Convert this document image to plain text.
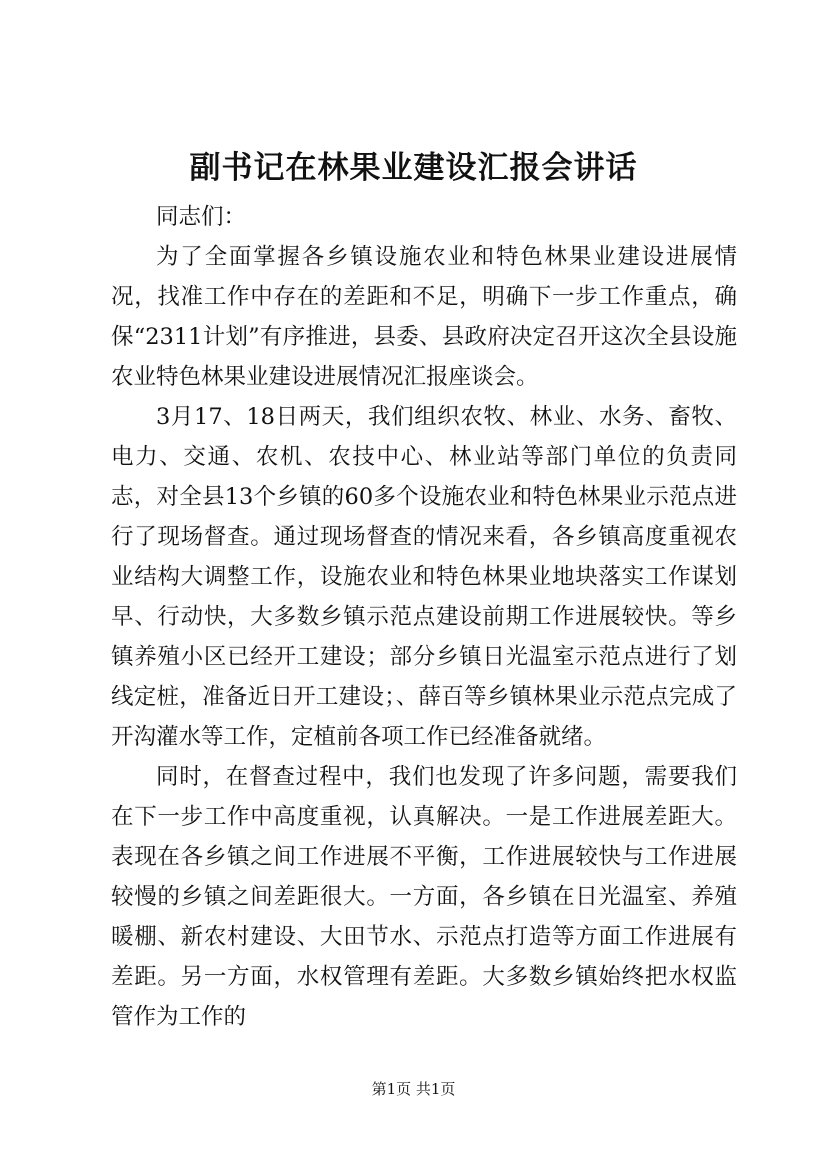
副书记在林果业建设汇报会讲话

同志们：

为了全面掌握各乡镇设施农业和特色林果业建设进展情况，找准工作中存在的差距和不足，明确下一步工作重点，确保“2311计划”有序推进，县委、县政府决定召开这次全县设施农业特色林果业建设进展情况汇报座谈会。

3月17、18日两天，我们组织农牧、林业、水务、畜牧、电力、交通、农机、农技中心、林业站等部门单位的负责同志，对全县13个乡镇的60多个设施农业和特色林果业示范点进行了现场督查。通过现场督查的情况来看，各乡镇高度重视农业结构大调整工作，设施农业和特色林果业地块落实工作谋划早、行动快，大多数乡镇示范点建设前期工作进展较快。等乡镇养殖小区已经开工建设；部分乡镇日光温室示范点进行了划线定桩，准备近日开工建设；、薛百等乡镇林果业示范点完成了开沟灌水等工作，定植前各项工作已经准备就绪。

同时，在督查过程中，我们也发现了许多问题，需要我们在下一步工作中高度重视，认真解决。一是工作进展差距大。表现在各乡镇之间工作进展不平衡，工作进展较快与工作进展较慢的乡镇之间差距很大。一方面，各乡镇在日光温室、养殖暖棚、新农村建设、大田节水、示范点打造等方面工作进展有差距。另一方面，水权管理有差距。大多数乡镇始终把水权监管作为工作的

第1页 共1页
